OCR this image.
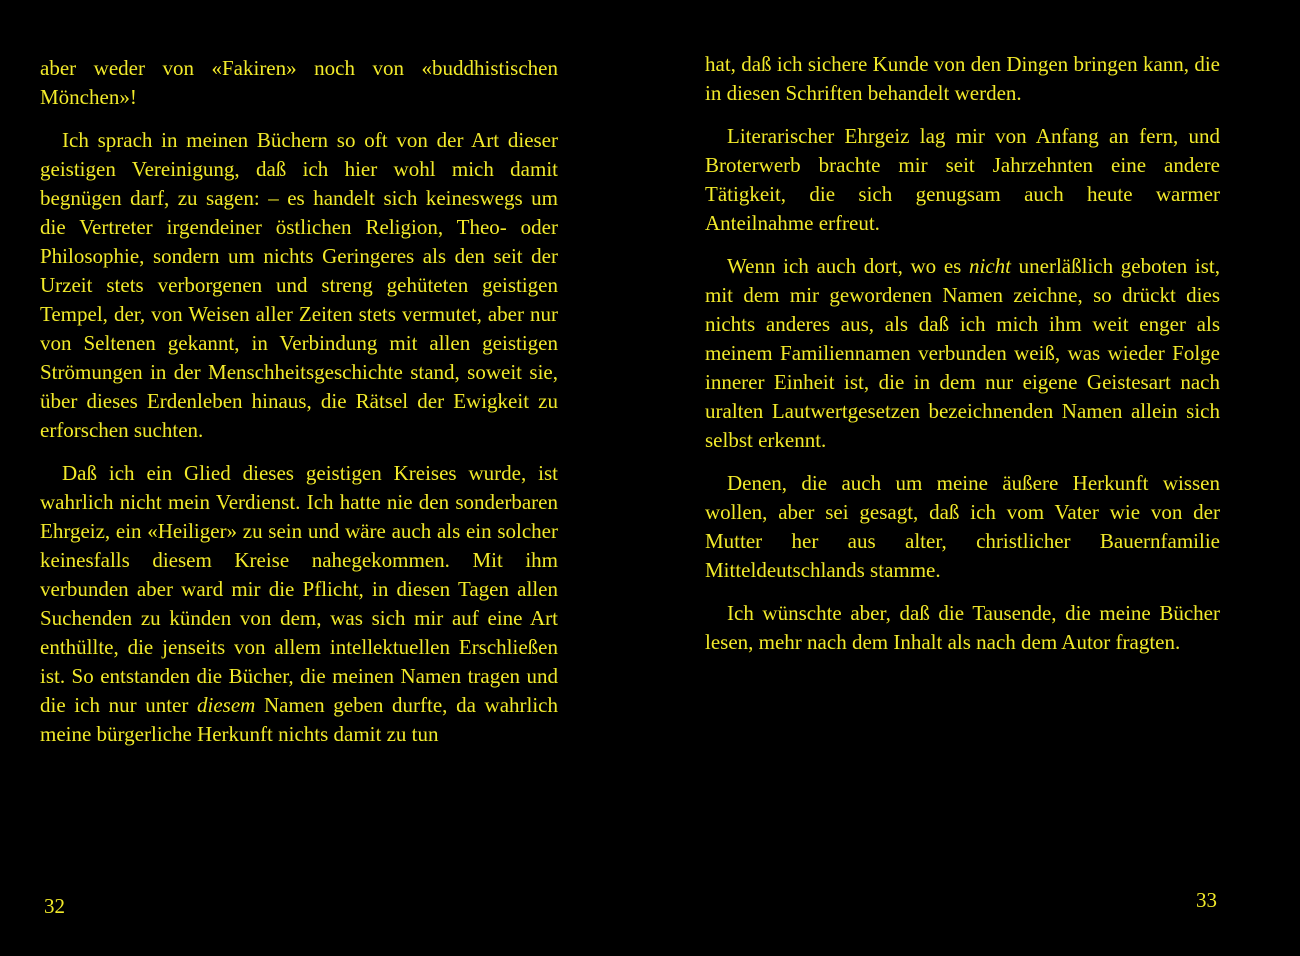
aber weder von «Fakiren» noch von «buddhistischen Mönchen»!

Ich sprach in meinen Büchern so oft von der Art dieser geistigen Vereinigung, daß ich hier wohl mich damit begnügen darf, zu sagen: – es handelt sich keineswegs um die Vertreter irgendeiner östlichen Religion, Theo- oder Philosophie, sondern um nichts Geringeres als den seit der Urzeit stets verborgenen und streng gehüteten geistigen Tempel, der, von Weisen aller Zeiten stets vermutet, aber nur von Seltenen gekannt, in Verbindung mit allen geistigen Strömungen in der Menschheitsgeschichte stand, soweit sie, über dieses Erdenleben hinaus, die Rätsel der Ewigkeit zu erforschen suchten.

Daß ich ein Glied dieses geistigen Kreises wurde, ist wahrlich nicht mein Verdienst. Ich hatte nie den sonderbaren Ehrgeiz, ein «Heiliger» zu sein und wäre auch als ein solcher keinesfalls diesem Kreise nahegekommen. Mit ihm verbunden aber ward mir die Pflicht, in diesen Tagen allen Suchenden zu künden von dem, was sich mir auf eine Art enthüllte, die jenseits von allem intellektuellen Erschließen ist. So entstanden die Bücher, die meinen Namen tragen und die ich nur unter diesem Namen geben durfte, da wahrlich meine bürgerliche Herkunft nichts damit zu tun

32	33

hat, daß ich sichere Kunde von den Dingen bringen kann, die in diesen Schriften behandelt werden.

Literarischer Ehrgeiz lag mir von Anfang an fern, und Broterwerb brachte mir seit Jahrzehnten eine andere Tätigkeit, die sich genugsam auch heute warmer Anteilnahme erfreut.

Wenn ich auch dort, wo es nicht unerläßlich geboten ist, mit dem mir gewordenen Namen zeichne, so drückt dies nichts anderes aus, als daß ich mich ihm weit enger als meinem Familiennamen verbunden weiß, was wieder Folge innerer Einheit ist, die in dem nur eigene Geistesart nach uralten Lautwertgesetzen bezeichnenden Namen allein sich selbst erkennt.

Denen, die auch um meine äußere Herkunft wissen wollen, aber sei gesagt, daß ich vom Vater wie von der Mutter her aus alter, christlicher Bauernfamilie Mitteldeutschlands stamme.

Ich wünschte aber, daß die Tausende, die meine Bücher lesen, mehr nach dem Inhalt als nach dem Autor fragten.
